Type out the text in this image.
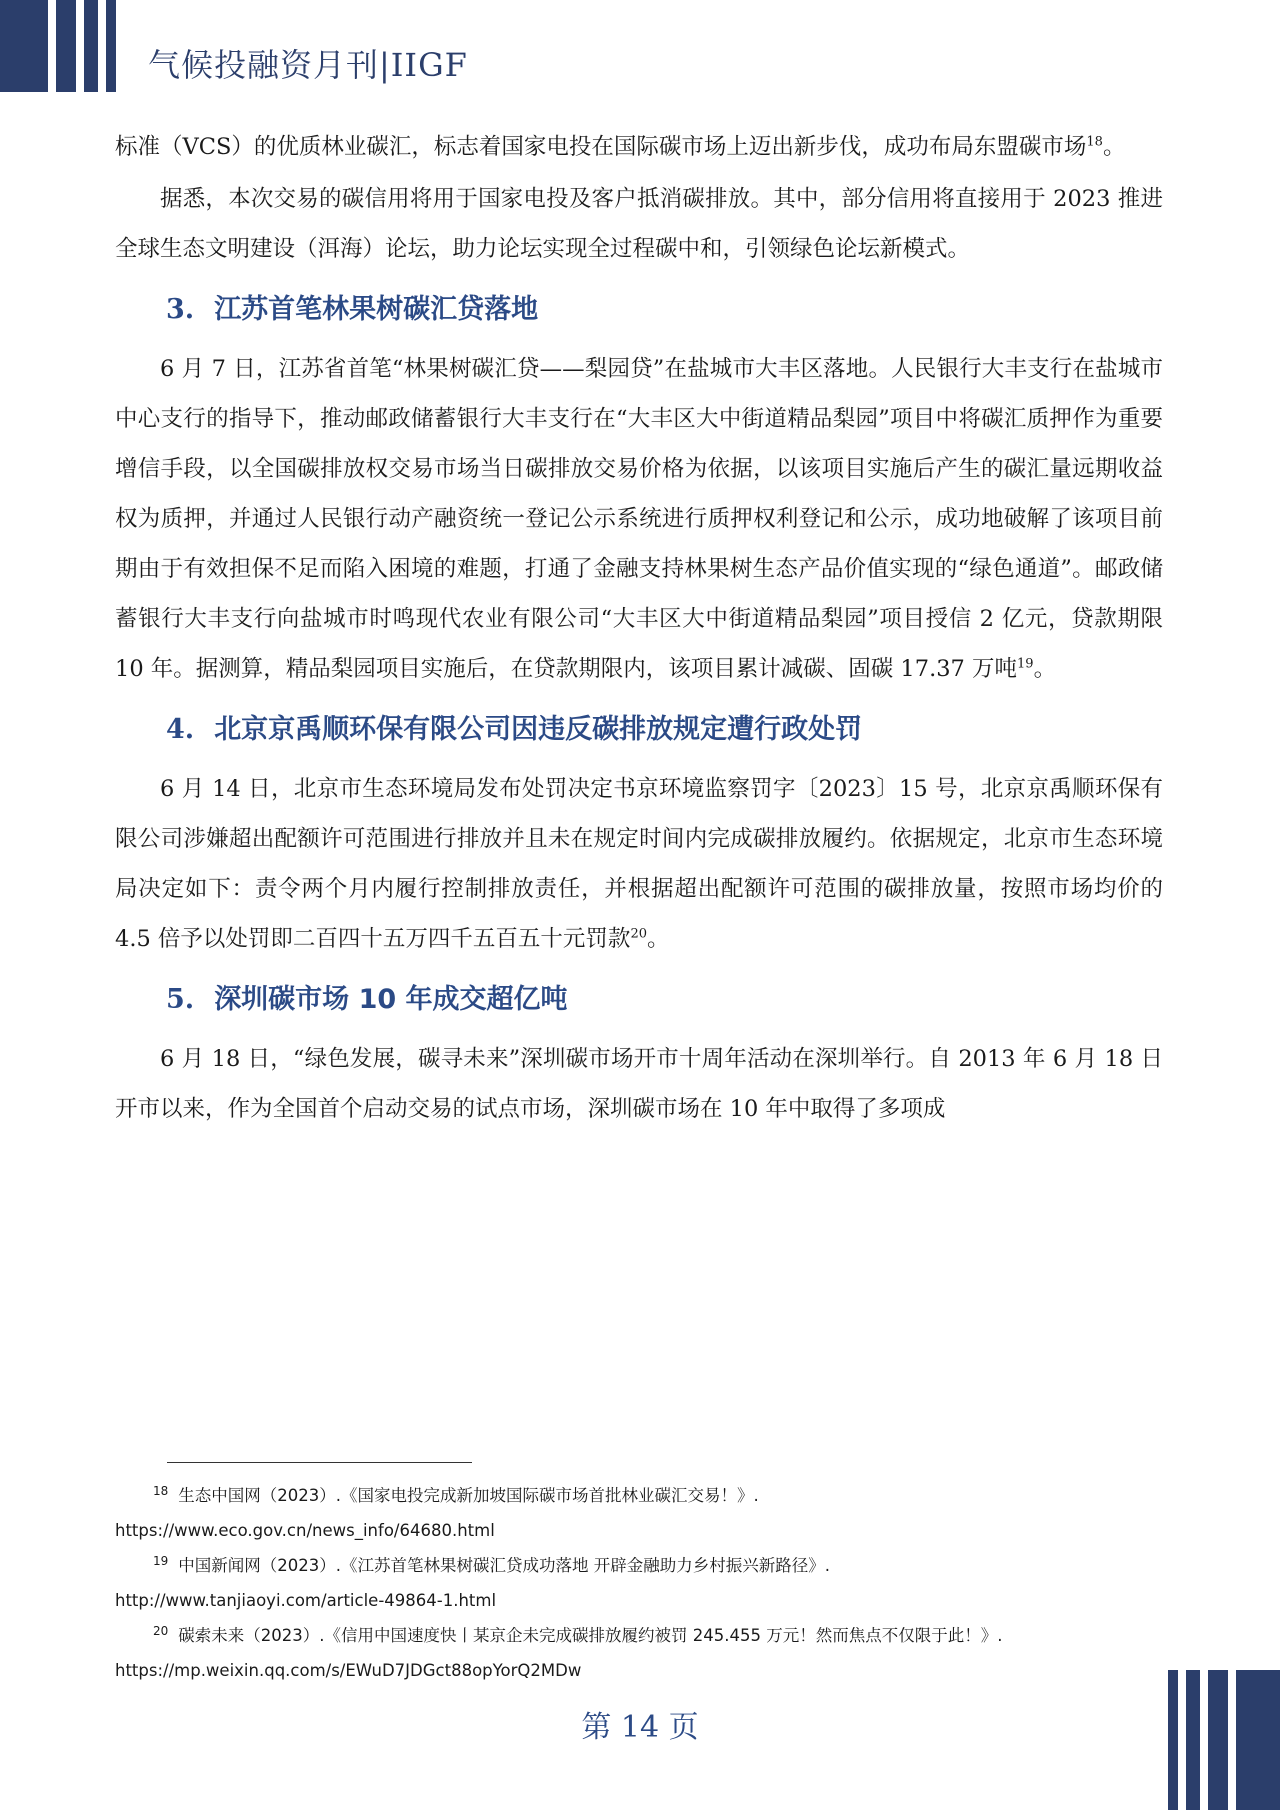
气候投融资月刊|IIGF

标准（VCS）的优质林业碳汇，标志着国家电投在国际碳市场上迈出新步伐，成功布局东盟碳市场$^{18}$。

据悉，本次交易的碳信用将用于国家电投及客户抵消碳排放。其中，部分信用将直接用于 2023 推进全球生态文明建设（洱海）论坛，助力论坛实现全过程碳中和，引领绿色论坛新模式。

3. 江苏首笔林果树碳汇贷落地

6 月 7 日，江苏省首笔“林果树碳汇贷——梨园贷”在盐城市大丰区落地。人民银行大丰支行在盐城市中心支行的指导下，推动邮政储蓄银行大丰支行在“大丰区大中街道精品梨园”项目中将碳汇质押作为重要增信手段，以全国碳排放权交易市场当日碳排放交易价格为依据，以该项目实施后产生的碳汇量远期收益权为质押，并通过人民银行动产融资统一登记公示系统进行质押权利登记和公示，成功地破解了该项目前期由于有效担保不足而陷入困境的难题，打通了金融支持林果树生态产品价值实现的“绿色通道”。邮政储蓄银行大丰支行向盐城市时鸣现代农业有限公司“大丰区大中街道精品梨园”项目授信 2 亿元，贷款期限 10 年。据测算，精品梨园项目实施后，在贷款期限内，该项目累计减碳、固碳 17.37 万吨$^{19}$。

4. 北京京禹顺环保有限公司因违反碳排放规定遭行政处罚

6 月 14 日，北京市生态环境局发布处罚决定书京环境监察罚字〔2023〕15 号，北京京禹顺环保有限公司涉嫌超出配额许可范围进行排放并且未在规定时间内完成碳排放履约。依据规定，北京市生态环境局决定如下：责令两个月内履行控制排放责任，并根据超出配额许可范围的碳排放量，按照市场均价的 4.5 倍予以处罚即二百四十五万四千五百五十元罚款$^{20}$。

5. 深圳碳市场 10 年成交超亿吨

6 月 18 日，“绿色发展，碳寻未来”深圳碳市场开市十周年活动在深圳举行。自 2013 年 6 月 18 日开市以来，作为全国首个启动交易的试点市场，深圳碳市场在 10 年中取得了多项成

$^{18}$ 生态中国网（2023）.《国家电投完成新加坡国际碳市场首批林业碳汇交易！》.
https://www.eco.gov.cn/news_info/64680.html
$^{19}$ 中国新闻网（2023）.《江苏首笔林果树碳汇贷成功落地 开辟金融助力乡村振兴新路径》.
http://www.tanjiaoyi.com/article-49864-1.html
$^{20}$ 碳索未来（2023）.《信用中国速度快丨某京企未完成碳排放履约被罚 245.455 万元！然而焦点不仅限于此！》.
https://mp.weixin.qq.com/s/EWuD7JDGct88opYorQ2MDw
第 14 页
